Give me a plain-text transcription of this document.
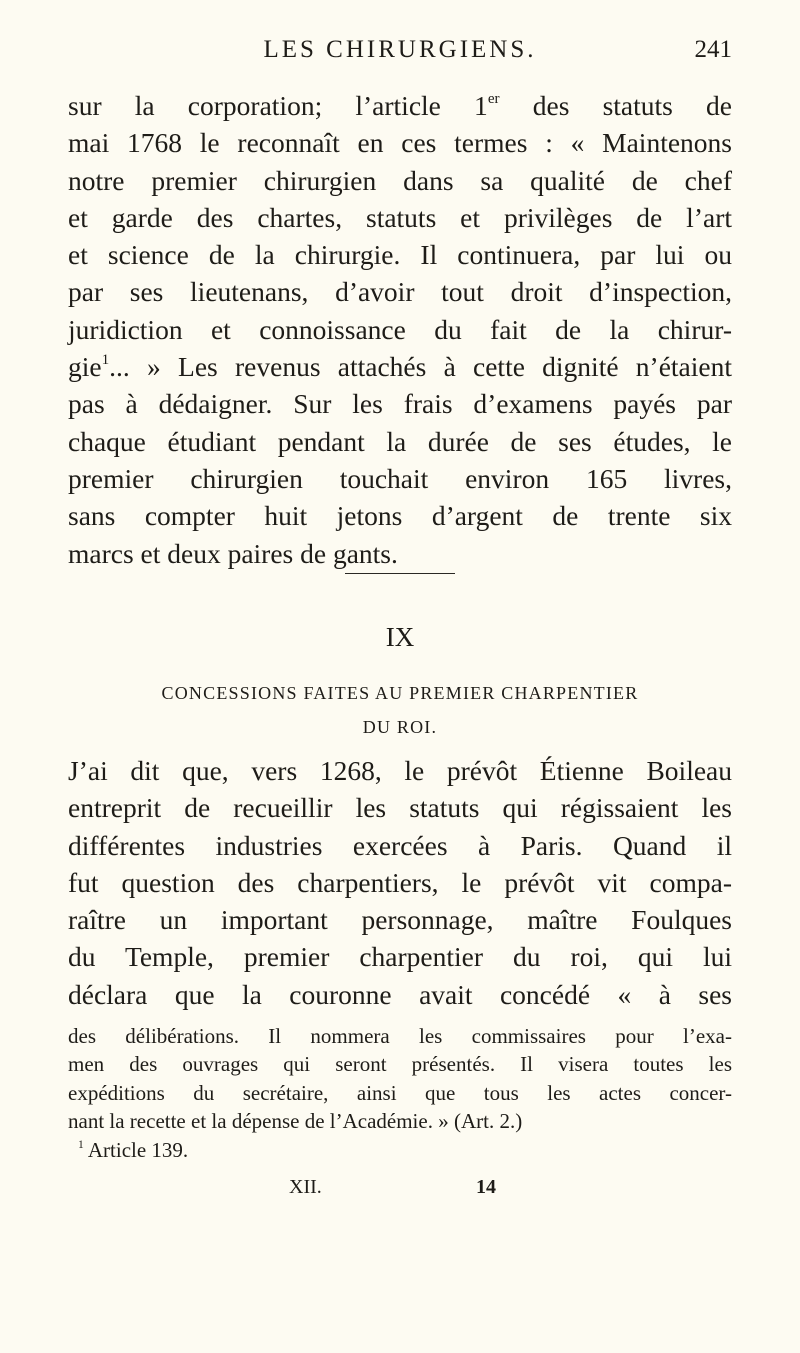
LES CHIRURGIENS.	241
sur la corporation; l’article 1er des statuts de
mai 1768 le reconnaît en ces termes : « Maintenons
notre premier chirurgien dans sa qualité de chef
et garde des chartes, statuts et privilèges de l’art
et science de la chirurgie. Il continuera, par lui ou
par ses lieutenans, d’avoir tout droit d’inspection,
juridiction et connoissance du fait de la chirur-
gie$^1$... » Les revenus attachés à cette dignité n’étaient
pas à dédaigner. Sur les frais d’examens payés par
chaque étudiant pendant la durée de ses études, le
premier chirurgien touchait environ 165 livres,
sans compter huit jetons d’argent de trente six
marcs et deux paires de gants.
IX
CONCESSIONS FAITES AU PREMIER CHARPENTIER
DU ROI.
J’ai dit que, vers 1268, le prévôt Étienne Boileau
entreprit de recueillir les statuts qui régissaient les
différentes industries exercées à Paris. Quand il
fut question des charpentiers, le prévôt vit compa-
raître un important personnage, maître Foulques
du Temple, premier charpentier du roi, qui lui
déclara que la couronne avait concédé « à ses
des délibérations. Il nommera les commissaires pour l’exa-
men des ouvrages qui seront présentés. Il visera toutes les
expéditions du secrétaire, ainsi que tous les actes concer-
nant la recette et la dépense de l’Académie. » (Art. 2.)
$^1$ Article 139.
XII.	14
